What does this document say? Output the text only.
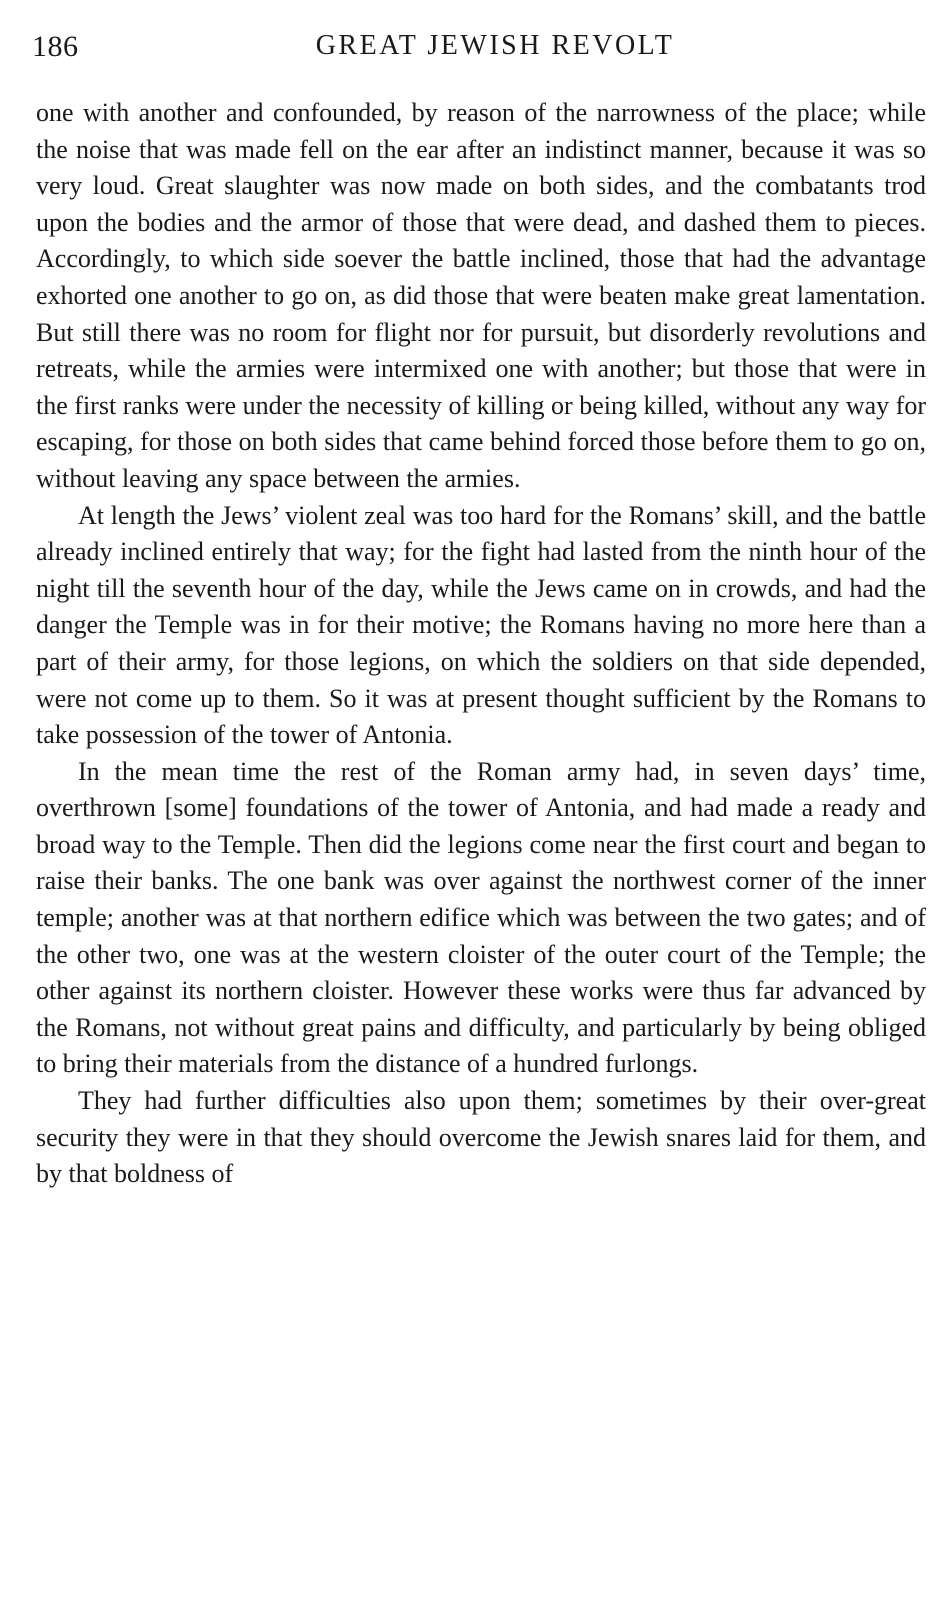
186	GREAT JEWISH REVOLT

one with another and confounded, by reason of the narrowness of the place; while the noise that was made fell on the ear after an indistinct manner, because it was so very loud. Great slaughter was now made on both sides, and the combatants trod upon the bodies and the armor of those that were dead, and dashed them to pieces. Accordingly, to which side soever the battle inclined, those that had the advantage exhorted one another to go on, as did those that were beaten make great lamentation. But still there was no room for flight nor for pursuit, but disorderly revolutions and retreats, while the armies were intermixed one with another; but those that were in the first ranks were under the necessity of killing or being killed, without any way for escaping, for those on both sides that came behind forced those before them to go on, without leaving any space between the armies.

At length the Jews’ violent zeal was too hard for the Romans’ skill, and the battle already inclined entirely that way; for the fight had lasted from the ninth hour of the night till the seventh hour of the day, while the Jews came on in crowds, and had the danger the Temple was in for their motive; the Romans having no more here than a part of their army, for those legions, on which the soldiers on that side depended, were not come up to them. So it was at present thought sufficient by the Romans to take possession of the tower of Antonia.

In the mean time the rest of the Roman army had, in seven days’ time, overthrown [some] foundations of the tower of Antonia, and had made a ready and broad way to the Temple. Then did the legions come near the first court and began to raise their banks. The one bank was over against the northwest corner of the inner temple; another was at that northern edifice which was between the two gates; and of the other two, one was at the western cloister of the outer court of the Temple; the other against its northern cloister. However these works were thus far advanced by the Romans, not without great pains and difficulty, and particularly by being obliged to bring their materials from the distance of a hundred furlongs.

They had further difficulties also upon them; sometimes by their over-great security they were in that they should overcome the Jewish snares laid for them, and by that boldness of
